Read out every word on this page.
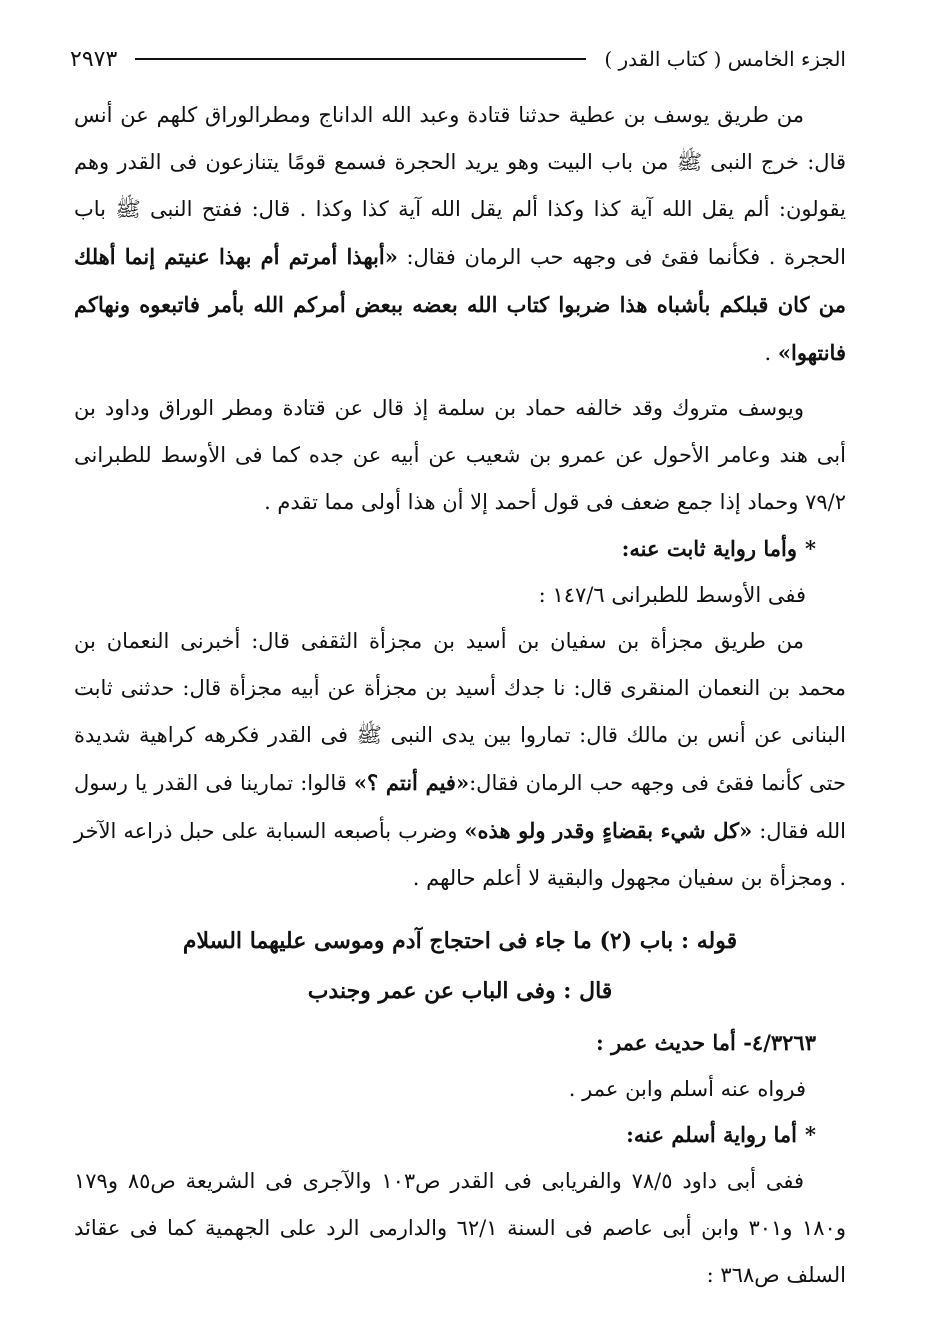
الجزء الخامس ( كتاب القدر )
٢٩٧٣

من طريق يوسف بن عطية حدثنا قتادة وعبد الله الداناج ومطرالوراق كلهم عن أنس قال: خرج النبى ﷺ من باب البيت وهو يريد الحجرة فسمع قومًا يتنازعون فى القدر وهم يقولون: ألم يقل الله آية كذا وكذا ألم يقل الله آية كذا وكذا . قال: ففتح النبى ﷺ باب الحجرة . فكأنما فقئ فى وجهه حب الرمان فقال: «أبهذا أمرتم أم بهذا عنيتم إنما أهلك من كان قبلكم بأشباه هذا ضربوا كتاب الله بعضه ببعض أمركم الله بأمر فاتبعوه ونهاكم فانتهوا» .

ويوسف متروك وقد خالفه حماد بن سلمة إذ قال عن قتادة ومطر الوراق وداود بن أبى هند وعامر الأحول عن عمرو بن شعيب عن أبيه عن جده كما فى الأوسط للطبرانى ٧٩/٢ وحماد إذا جمع ضعف فى قول أحمد إلا أن هذا أولى مما تقدم .

*وأما رواية ثابت عنه:
ففى الأوسط للطبرانى ١٤٧/٦ :

من طريق مجزأة بن سفيان بن أسيد بن مجزأة الثقفى قال: أخبرنى النعمان بن محمد بن النعمان المنقرى قال: نا جدك أسيد بن مجزأة عن أبيه مجزأة قال: حدثنى ثابت البنانى عن أنس بن مالك قال: تماروا بين يدى النبى ﷺ فى القدر فكرهه كراهية شديدة حتى كأنما فقئ فى وجهه حب الرمان فقال:«فيم أنتم ؟» قالوا: تمارينا فى القدر يا رسول الله فقال: «كل شيء بقضاءٍ وقدر ولو هذه» وضرب بأصبعه السبابة على حبل ذراعه الآخر . ومجزأة بن سفيان مجهول والبقية لا أعلم حالهم .

قوله : باب (٢) ما جاء فى احتجاج آدم وموسى عليهما السلام
قال : وفى الباب عن عمر وجندب
٤/٣٢٦٣- أما حديث عمر :
فرواه عنه أسلم وابن عمر .
*أما رواية أسلم عنه:

ففى أبى داود ٧٨/٥ والفريابى فى القدر ص١٠٣ والآجرى فى الشريعة ص٨٥ و١٧٩ و١٨٠ و٣٠١ وابن أبى عاصم فى السنة ٦٢/١ والدارمى الرد على الجهمية كما فى عقائد السلف ص٣٦٨ :
